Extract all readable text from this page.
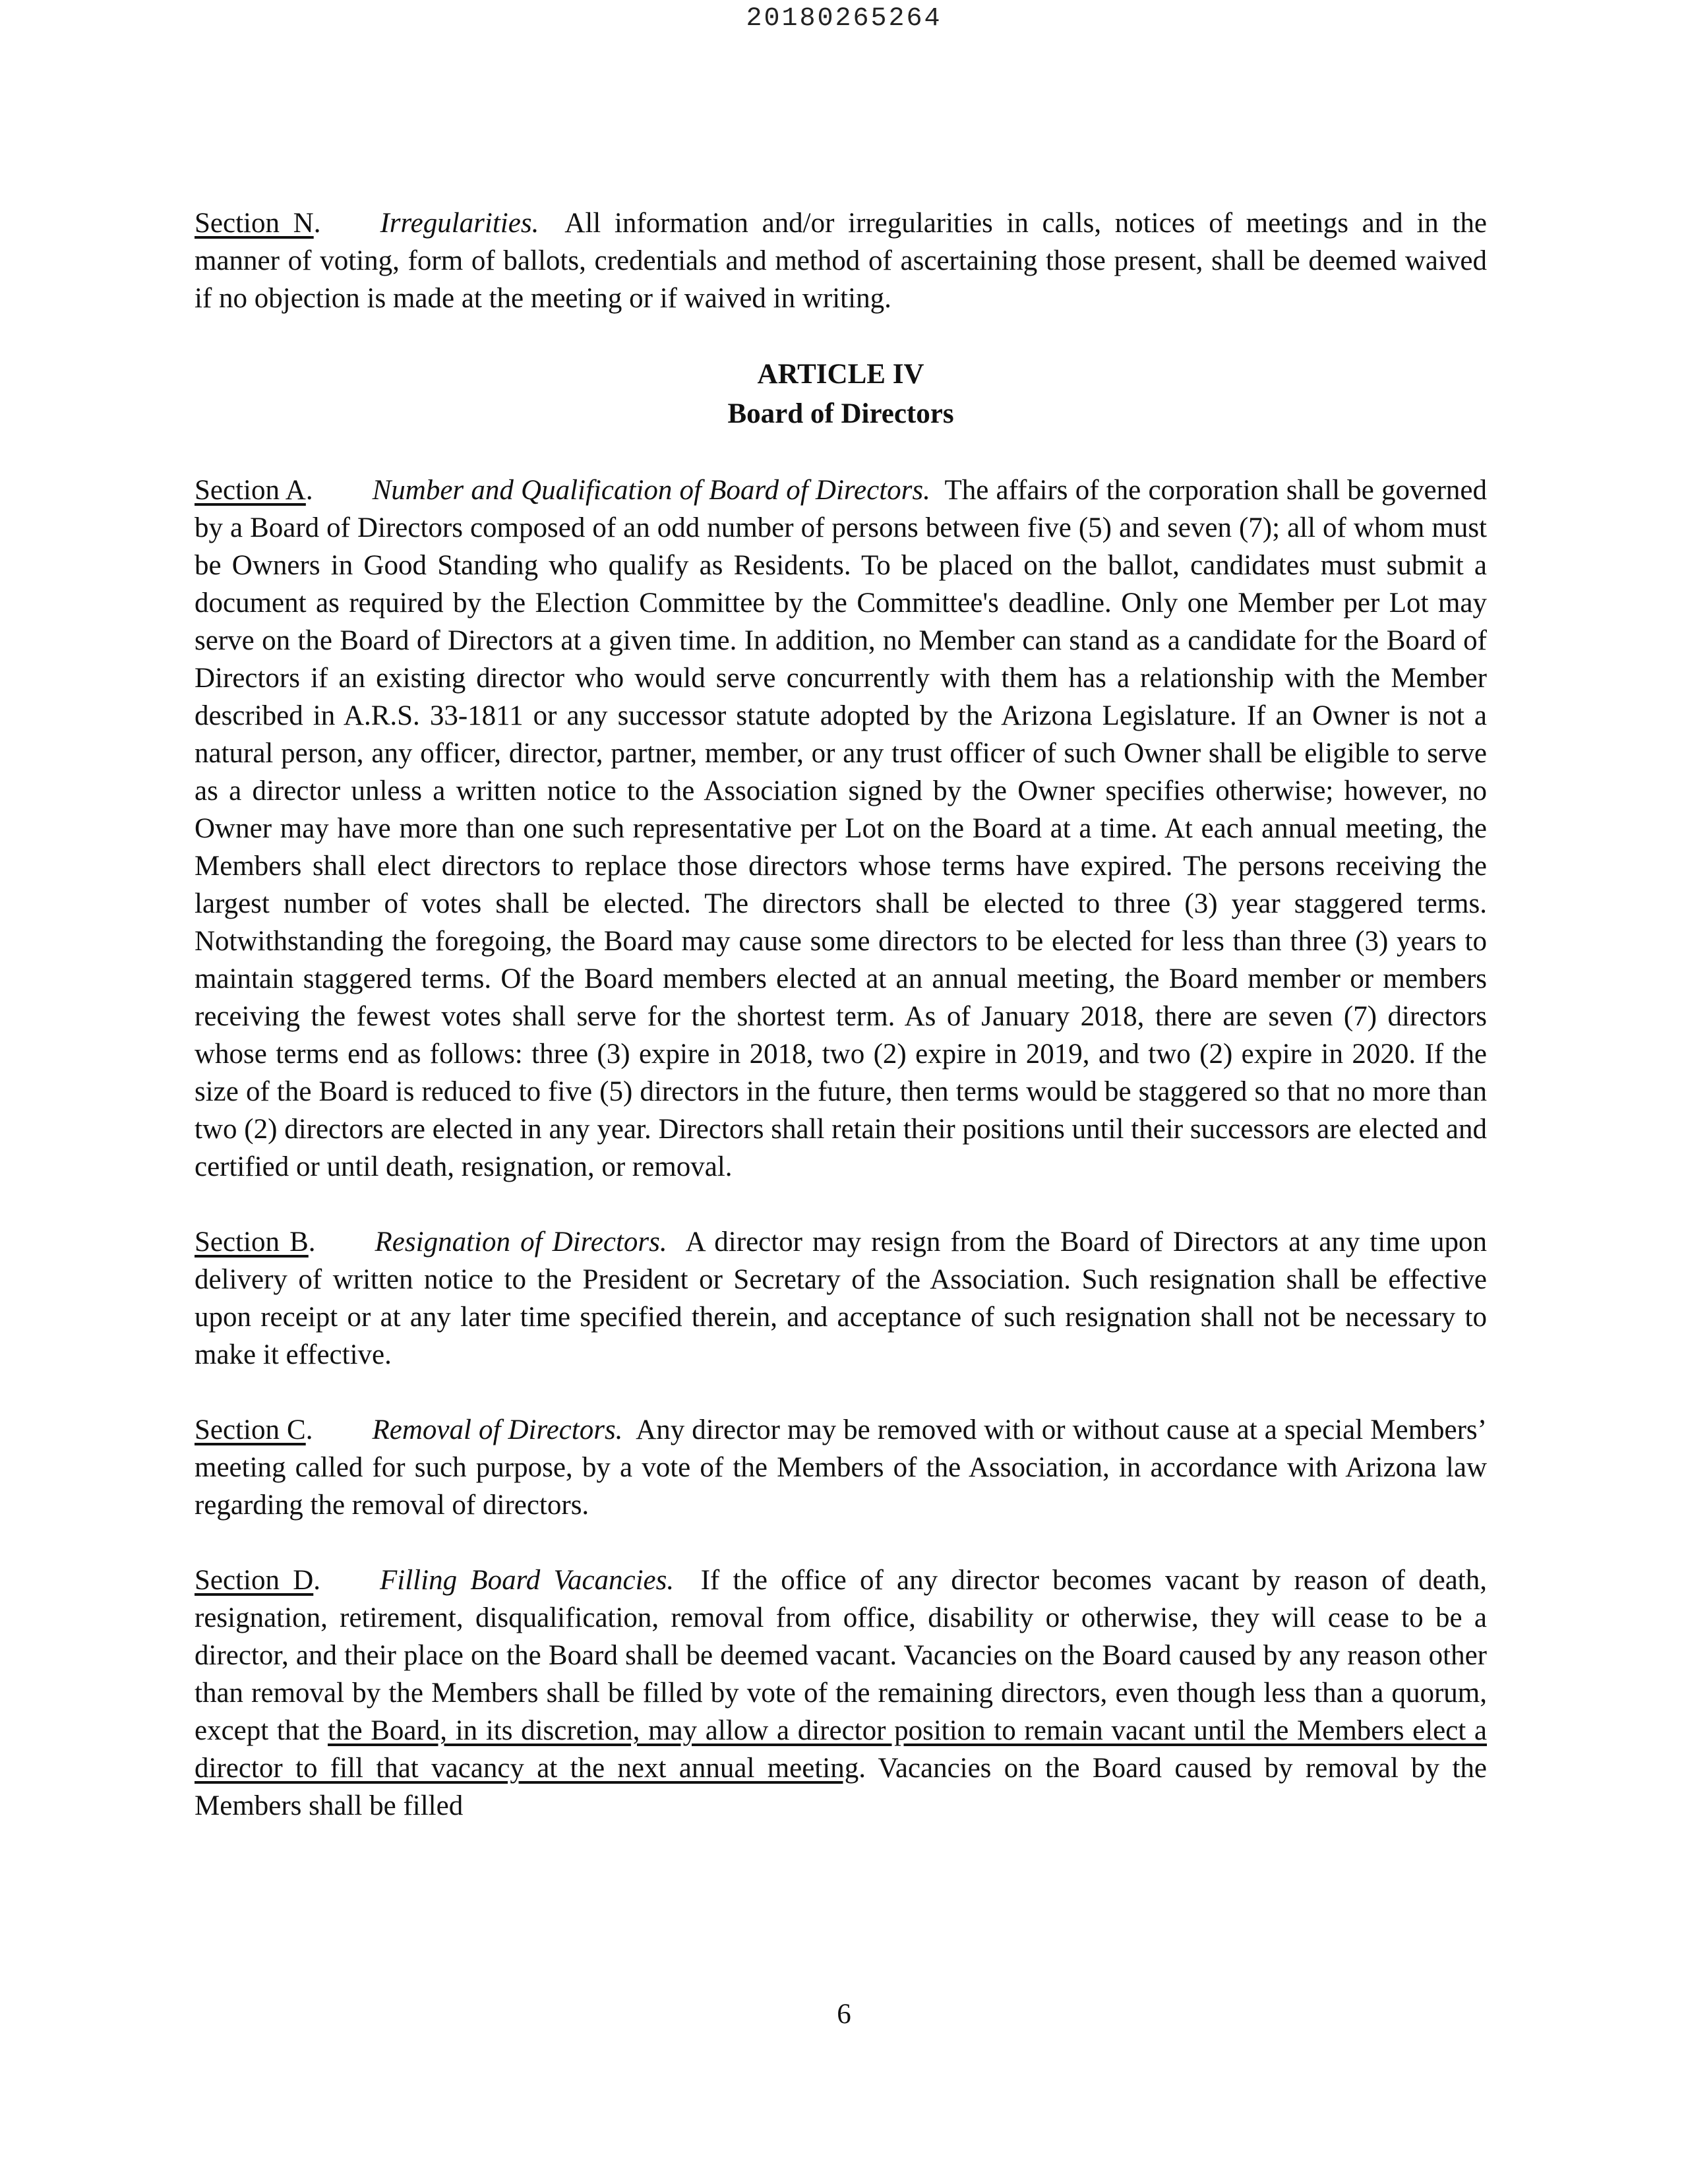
20180265264

Section N. Irregularities. All information and/or irregularities in calls, notices of meetings and in the manner of voting, form of ballots, credentials and method of ascertaining those present, shall be deemed waived if no objection is made at the meeting or if waived in writing.

ARTICLE IV
Board of Directors

Section A. Number and Qualification of Board of Directors. The affairs of the corporation shall be governed by a Board of Directors composed of an odd number of persons between five (5) and seven (7); all of whom must be Owners in Good Standing who qualify as Residents. To be placed on the ballot, candidates must submit a document as required by the Election Committee by the Committee's deadline. Only one Member per Lot may serve on the Board of Directors at a given time. In addition, no Member can stand as a candidate for the Board of Directors if an existing director who would serve concurrently with them has a relationship with the Member described in A.R.S. 33-1811 or any successor statute adopted by the Arizona Legislature. If an Owner is not a natural person, any officer, director, partner, member, or any trust officer of such Owner shall be eligible to serve as a director unless a written notice to the Association signed by the Owner specifies otherwise; however, no Owner may have more than one such representative per Lot on the Board at a time. At each annual meeting, the Members shall elect directors to replace those directors whose terms have expired. The persons receiving the largest number of votes shall be elected. The directors shall be elected to three (3) year staggered terms. Notwithstanding the foregoing, the Board may cause some directors to be elected for less than three (3) years to maintain staggered terms. Of the Board members elected at an annual meeting, the Board member or members receiving the fewest votes shall serve for the shortest term. As of January 2018, there are seven (7) directors whose terms end as follows: three (3) expire in 2018, two (2) expire in 2019, and two (2) expire in 2020. If the size of the Board is reduced to five (5) directors in the future, then terms would be staggered so that no more than two (2) directors are elected in any year. Directors shall retain their positions until their successors are elected and certified or until death, resignation, or removal.

Section B. Resignation of Directors. A director may resign from the Board of Directors at any time upon delivery of written notice to the President or Secretary of the Association. Such resignation shall be effective upon receipt or at any later time specified therein, and acceptance of such resignation shall not be necessary to make it effective.

Section C. Removal of Directors. Any director may be removed with or without cause at a special Members’ meeting called for such purpose, by a vote of the Members of the Association, in accordance with Arizona law regarding the removal of directors.

Section D. Filling Board Vacancies. If the office of any director becomes vacant by reason of death, resignation, retirement, disqualification, removal from office, disability or otherwise, they will cease to be a director, and their place on the Board shall be deemed vacant. Vacancies on the Board caused by any reason other than removal by the Members shall be filled by vote of the remaining directors, even though less than a quorum, except that the Board, in its discretion, may allow a director position to remain vacant until the Members elect a director to fill that vacancy at the next annual meeting. Vacancies on the Board caused by removal by the Members shall be filled

6
